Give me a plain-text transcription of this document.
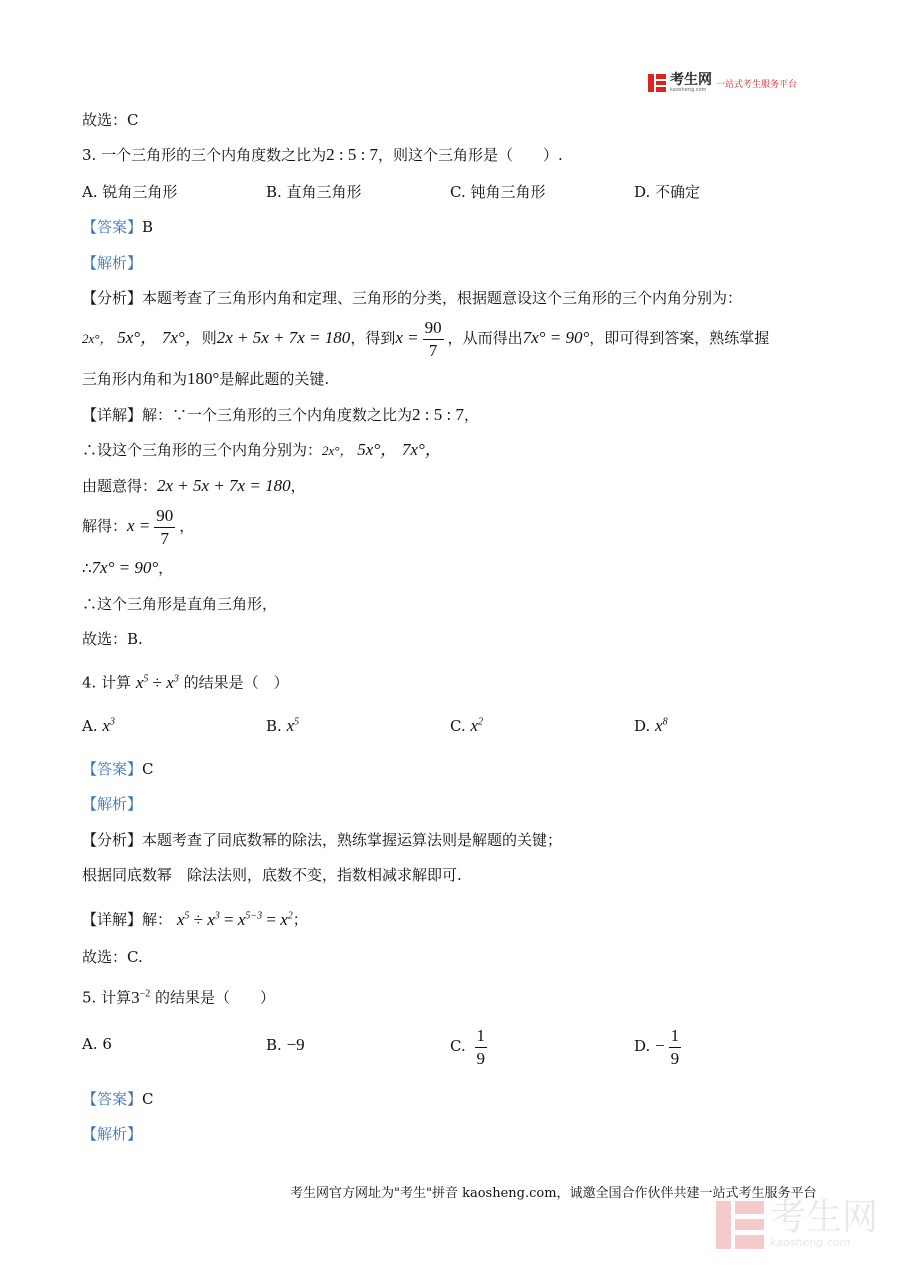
考生网
kaosheng.com
一站式考生服务平台
故选：C
3. 一个三角形的三个内角度数之比为2 : 5 : 7，则这个三角形是（　　）.
A. 锐角三角形	B. 直角三角形	C. 钝角三角形	D. 不确定
【答案】B
【解析】
【分析】本题考查了三角形内角和定理、三角形的分类，根据题意设这个三角形的三个内角分别为：
2x°， 5x°， 7x°，则2x + 5x + 7x = 180，得到$x = \frac{90}{7}$ ，从而得出7x° = 90°，即可得到答案，熟练掌握
三角形内角和为180°是解此题的关键.
【详解】解：∵一个三角形的三个内角度数之比为2 : 5 : 7，
∴设这个三角形的三个内角分别为：2x°， 5x°， 7x°，
由题意得：2x + 5x + 7x = 180，
解得：$x = \frac{90}{7}$ ，
∴7x° = 90°，
∴这个三角形是直角三角形，
故选：B.
4. 计算 $x^5 \div x^3$ 的结果是（　）
A. $x^3$	B. $x^5$	C. $x^2$	D. $x^8$
【答案】C
【解析】
【分析】本题考查了同底数幂的除法，熟练掌握运算法则是解题的关键；
根据同底数幂　除法法则，底数不变，指数相减求解即可.
【详解】解： $x^5 \div x^3 = x^{5-3} = x^2$；
故选：C.
5. 计算$3^{-2}$ 的结果是（　　）
A. 6	B. −9	C. $\frac{1}{9}$	D. − $\frac{1}{9}$
【答案】C
【解析】
考生网官方网址为"考生"拼音 kaosheng.com，诚邀全国合作伙伴共建一站式考生服务平台
考生网
kaosheng.com
